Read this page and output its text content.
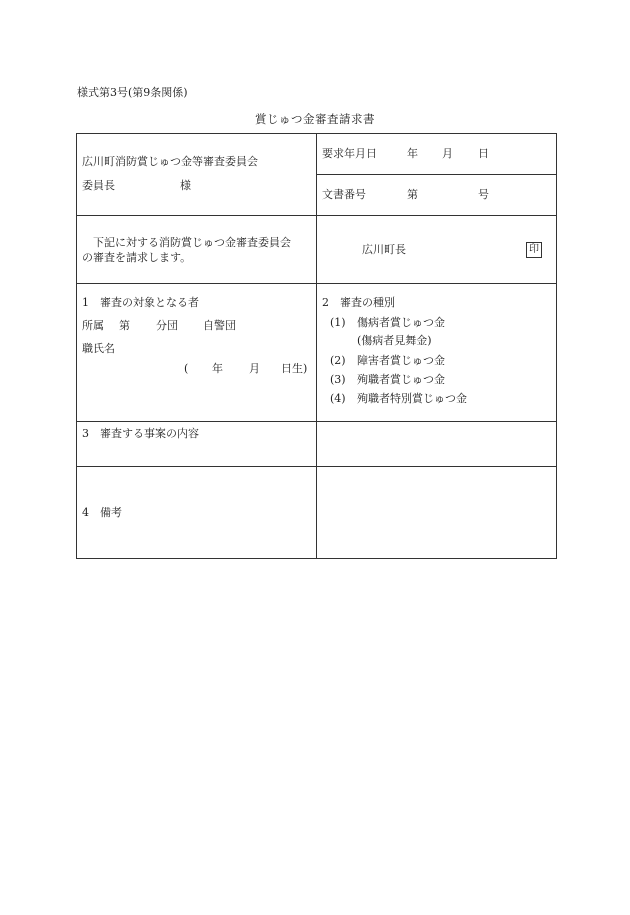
様式第3号(第9条関係)
賞じゅつ金審査請求書
広川町消防賞じゅつ金等審査委員会
委員長	様
要求年月日	年 月 日
文書番号	第	号
下記に対する消防賞じゅつ金審査委員会
の審査を請求します。
広川町長	印
1　審査の対象となる者
所属 第 分団 自警団
職氏名
( 年 月 日生)
2　審査の種別
(1) 傷病者賞じゅつ金
(傷病者見舞金)
(2) 障害者賞じゅつ金
(3) 殉職者賞じゅつ金
(4) 殉職者特別賞じゅつ金
3　審査する事案の内容
4　備考
